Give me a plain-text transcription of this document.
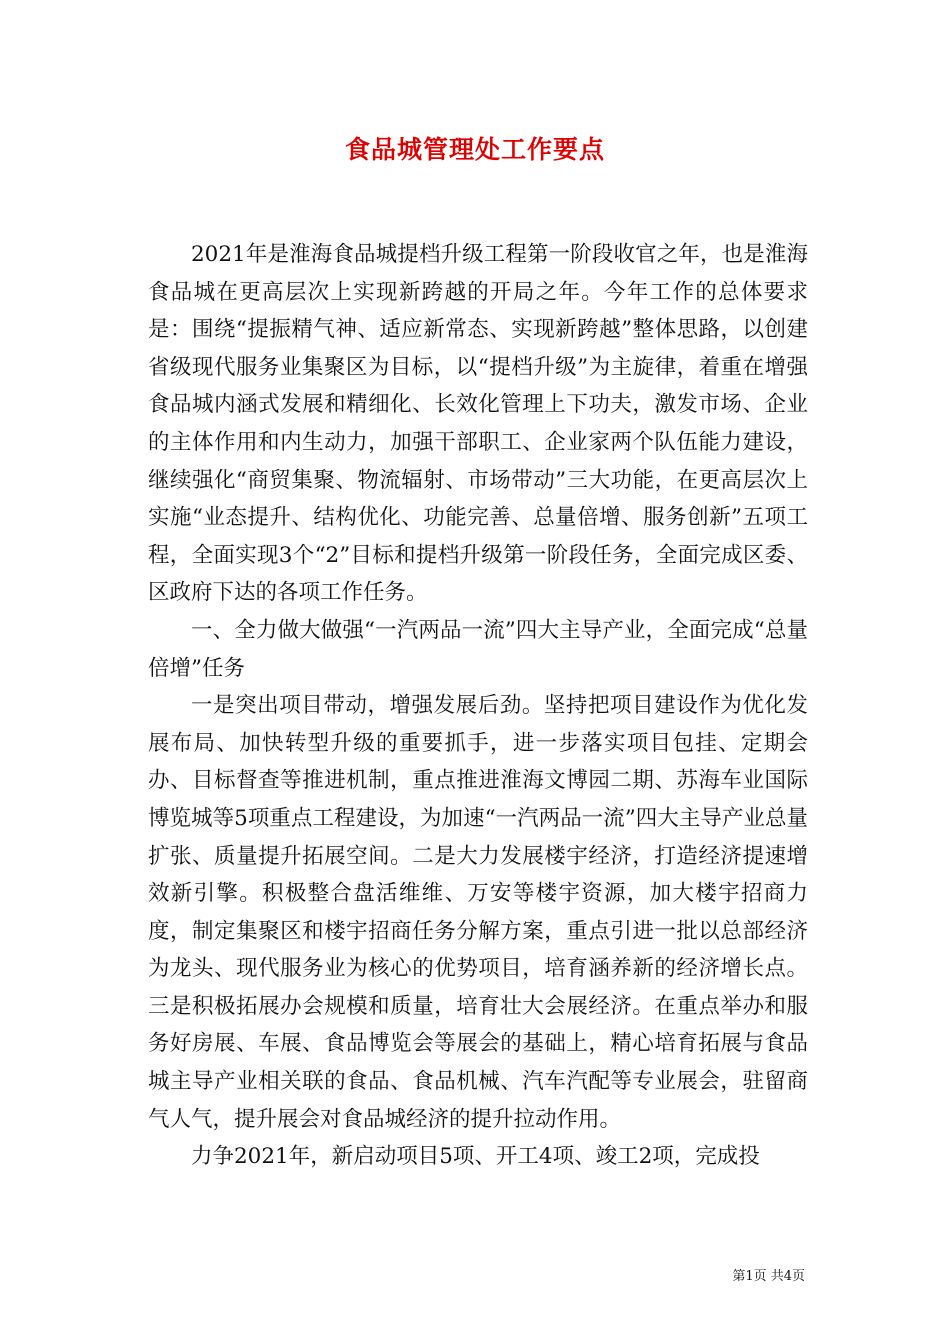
食品城管理处工作要点

2021年是淮海食品城提档升级工程第一阶段收官之年，也是淮海食品城在更高层次上实现新跨越的开局之年。今年工作的总体要求是：围绕“提振精气神、适应新常态、实现新跨越”整体思路，以创建省级现代服务业集聚区为目标，以“提档升级”为主旋律，着重在增强食品城内涵式发展和精细化、长效化管理上下功夫，激发市场、企业的主体作用和内生动力，加强干部职工、企业家两个队伍能力建设，继续强化“商贸集聚、物流辐射、市场带动”三大功能，在更高层次上实施“业态提升、结构优化、功能完善、总量倍增、服务创新”五项工程，全面实现3个“2”目标和提档升级第一阶段任务，全面完成区委、区政府下达的各项工作任务。

一、全力做大做强“一汽两品一流”四大主导产业，全面完成“总量倍增”任务

一是突出项目带动，增强发展后劲。坚持把项目建设作为优化发展布局、加快转型升级的重要抓手，进一步落实项目包挂、定期会办、目标督查等推进机制，重点推进淮海文博园二期、苏海车业国际博览城等5项重点工程建设，为加速“一汽两品一流”四大主导产业总量扩张、质量提升拓展空间。二是大力发展楼宇经济，打造经济提速增效新引擎。积极整合盘活维维、万安等楼宇资源，加大楼宇招商力度，制定集聚区和楼宇招商任务分解方案，重点引进一批以总部经济为龙头、现代服务业为核心的优势项目，培育涵养新的经济增长点。三是积极拓展办会规模和质量，培育壮大会展经济。在重点举办和服务好房展、车展、食品博览会等展会的基础上，精心培育拓展与食品城主导产业相关联的食品、食品机械、汽车汽配等专业展会，驻留商气人气，提升展会对食品城经济的提升拉动作用。

力争2021年，新启动项目5项、开工4项、竣工2项，完成投

第1页 共4页
